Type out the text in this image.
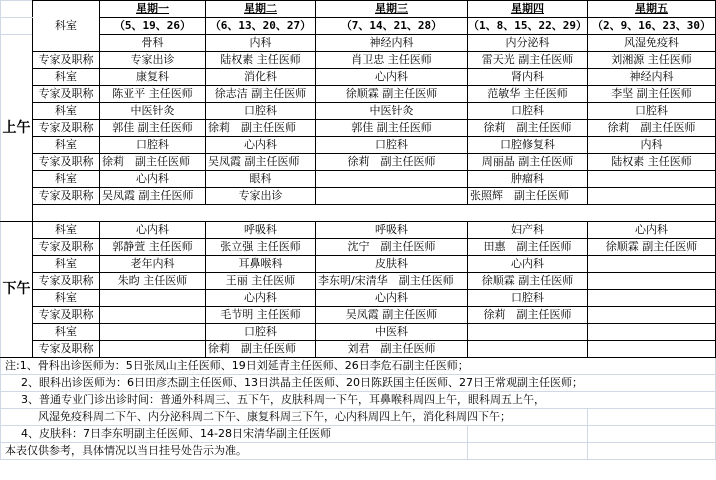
	科室	星期一	星期二	星期三	星期四	星期五
		（5、19、26）	（6、13、20、27）	（7、14、21、28）	（1、8、15、22、29）	（2、9、16、23、30）
上午		骨科	内科	神经内科	内分泌科	风湿免疫科
	专家及职称	专家出诊	陆权素 主任医师	肖卫忠 主任医师	雷天光 副主任医师	刘湘源 主任医师
	科室	康复科	消化科	心内科	肾内科	神经内科
	专家及职称	陈亚平 主任医师	徐志洁 副主任医师	徐顺霖 副主任医师	范敏华 主任医师	李坚 副主任医师
	科室	中医针灸	口腔科	中医针灸	口腔科	口腔科
	专家及职称	郭佳 副主任医师	徐莉　副主任医师	郭佳 副主任医师	徐莉　副主任医师	徐莉　副主任医师
	科室	口腔科	心内科	口腔科	口腔修复科	内科
	专家及职称	徐莉　副主任医师	吴凤霞 副主任医师	徐莉　副主任医师	周丽晶 副主任医师	陆权素 主任医师
	科室	心内科	眼科		肿瘤科	
	专家及职称	吴凤霞 副主任医师	专家出诊		张照辉　副主任医师	

下午	科室	心内科	呼吸科	呼吸科	妇产科	心内科
	专家及职称	郭静萱 主任医师	张立强 主任医师	沈宁　副主任医师	田惠　副主任医师	徐顺霖 副主任医师
	科室	老年内科	耳鼻喉科	皮肤科	心内科	
	专家及职称	朱昀 主任医师	王丽 主任医师	李东明/宋清华　副主任医师	徐顺霖 副主任医师	
	科室		心内科	心内科	口腔科	
	专家及职称		毛节明 主任医师	吴凤霞 副主任医师	徐莉　副主任医师	
	科室		口腔科	中医科		
	专家及职称		徐莉　副主任医师	刘君　副主任医师		
注:1、骨科出诊医师为：5日张凤山主任医师、19日刘延青主任医师、26日李危石副主任医师；						
2、眼科出诊医师为：6日田彦杰副主任医师、13日洪晶主任医师、20日陈跃国主任医师、27日王常观副主任医师；						
3、普通专业门诊出诊时间：普通外科周三、五下午，皮肤科周一下午，耳鼻喉科周四上午，眼科周五上午，						
风湿免疫科周二下午、内分泌科周二下午、康复科周三下午，心内科周四上午，消化科周四下午；						
4、皮肤科：7日李东明副主任医师、14-28日宋清华副主任医师						
本表仅供参考，具体情况以当日挂号处告示为准。						
